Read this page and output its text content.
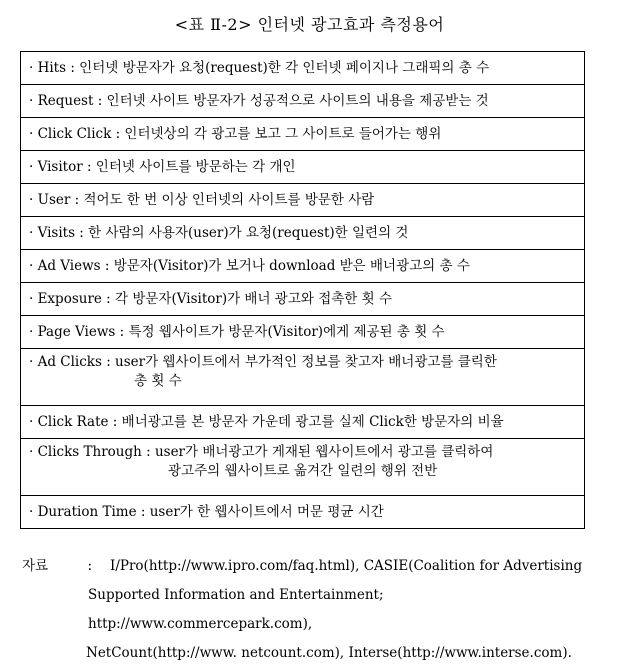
<표 Ⅱ-2> 인터넷 광고효과 측정용어
· Hits : 인터넷 방문자가 요청(request)한 각 인터넷 페이지나 그래픽의 총 수
· Request : 인터넷 사이트 방문자가 성공적으로 사이트의 내용을 제공받는 것
· Click Click : 인터넷상의 각 광고를 보고 그 사이트로 들어가는 행위
· Visitor : 인터넷 사이트를 방문하는 각 개인
· User : 적어도 한 번 이상 인터넷의 사이트를 방문한 사람
· Visits : 한 사람의 사용자(user)가 요청(request)한 일련의 것
· Ad Views : 방문자(Visitor)가 보거나 download 받은 배너광고의 총 수
· Exposure : 각 방문자(Visitor)가 배너 광고와 접촉한 횟 수
· Page Views : 특정 웹사이트가 방문자(Visitor)에게 제공된 총 횟 수

· Ad Clicks : user가 웹사이트에서 부가적인 정보를 찾고자 배너광고를 클릭한
총 횟 수

· Click Rate : 배너광고를 본 방문자 가운데 광고를 실제 Click한 방문자의 비율

· Clicks Through : user가 배너광고가 게재된 웹사이트에서 광고를 클릭하여
광고주의 웹사이트로 옮겨간 일련의 행위 전반

· Duration Time : user가 한 웹사이트에서 머문 평균 시간
자료	:	I/Pro(http://www.ipro.com/faq.html), CASIE(Coalition for Advertising
Supported Information and Entertainment; http://www.commercepark.com),
NetCount(http://www. netcount.com), Interse(http://www.interse.com).
